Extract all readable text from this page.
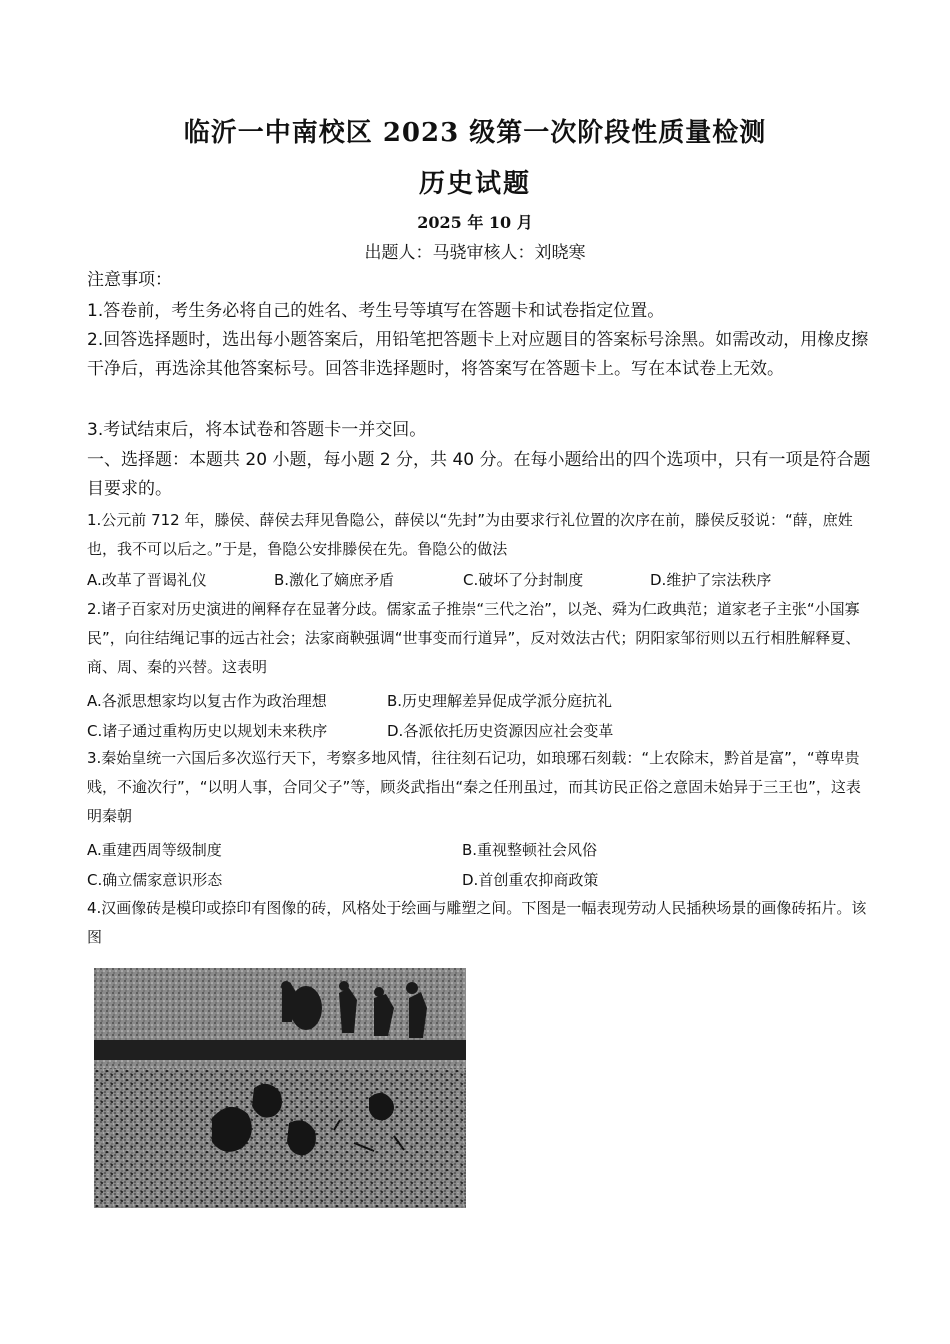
临沂一中南校区 2023 级第一次阶段性质量检测
历史试题
2025 年 10 月
出题人：马骁审核人：刘晓寒
注意事项：
1.答卷前，考生务必将自己的姓名、考生号等填写在答题卡和试卷指定位置。
2.回答选择题时，选出每小题答案后，用铅笔把答题卡上对应题目的答案标号涂黑。如需改动，用橡皮擦干净后，再选涂其他答案标号。回答非选择题时，将答案写在答题卡上。写在本试卷上无效。
3.考试结束后，将本试卷和答题卡一并交回。
一、选择题：本题共 20 小题，每小题 2 分，共 40 分。在每小题给出的四个选项中，只有一项是符合题目要求的。
1.公元前 712 年，滕侯、薛侯去拜见鲁隐公，薛侯以“先封”为由要求行礼位置的次序在前，滕侯反驳说：“薛，庶姓也，我不可以后之。”于是，鲁隐公安排滕侯在先。鲁隐公的做法
A.改革了晋谒礼仪	B.激化了嫡庶矛盾	C.破坏了分封制度	D.维护了宗法秩序
2.诸子百家对历史演进的阐释存在显著分歧。儒家孟子推崇“三代之治”，以尧、舜为仁政典范；道家老子主张“小国寡民”，向往结绳记事的远古社会；法家商鞅强调“世事变而行道异”，反对效法古代；阴阳家邹衍则以五行相胜解释夏、商、周、秦的兴替。这表明
A.各派思想家均以复古作为政治理想	B.历史理解差异促成学派分庭抗礼
C.诸子通过重构历史以规划未来秩序	D.各派依托历史资源因应社会变革
3.秦始皇统一六国后多次巡行天下，考察多地风情，往往刻石记功，如琅琊石刻载：“上农除末，黔首是富”，“尊卑贵贱，不逾次行”，“以明人事，合同父子”等，顾炎武指出“秦之任刑虽过，而其访民正俗之意固未始异于三王也”，这表明秦朝
A.重建西周等级制度	B.重视整顿社会风俗
C.确立儒家意识形态	D.首创重农抑商政策
4.汉画像砖是模印或捺印有图像的砖，风格处于绘画与雕塑之间。下图是一幅表现劳动人民插秧场景的画像砖拓片。该图
